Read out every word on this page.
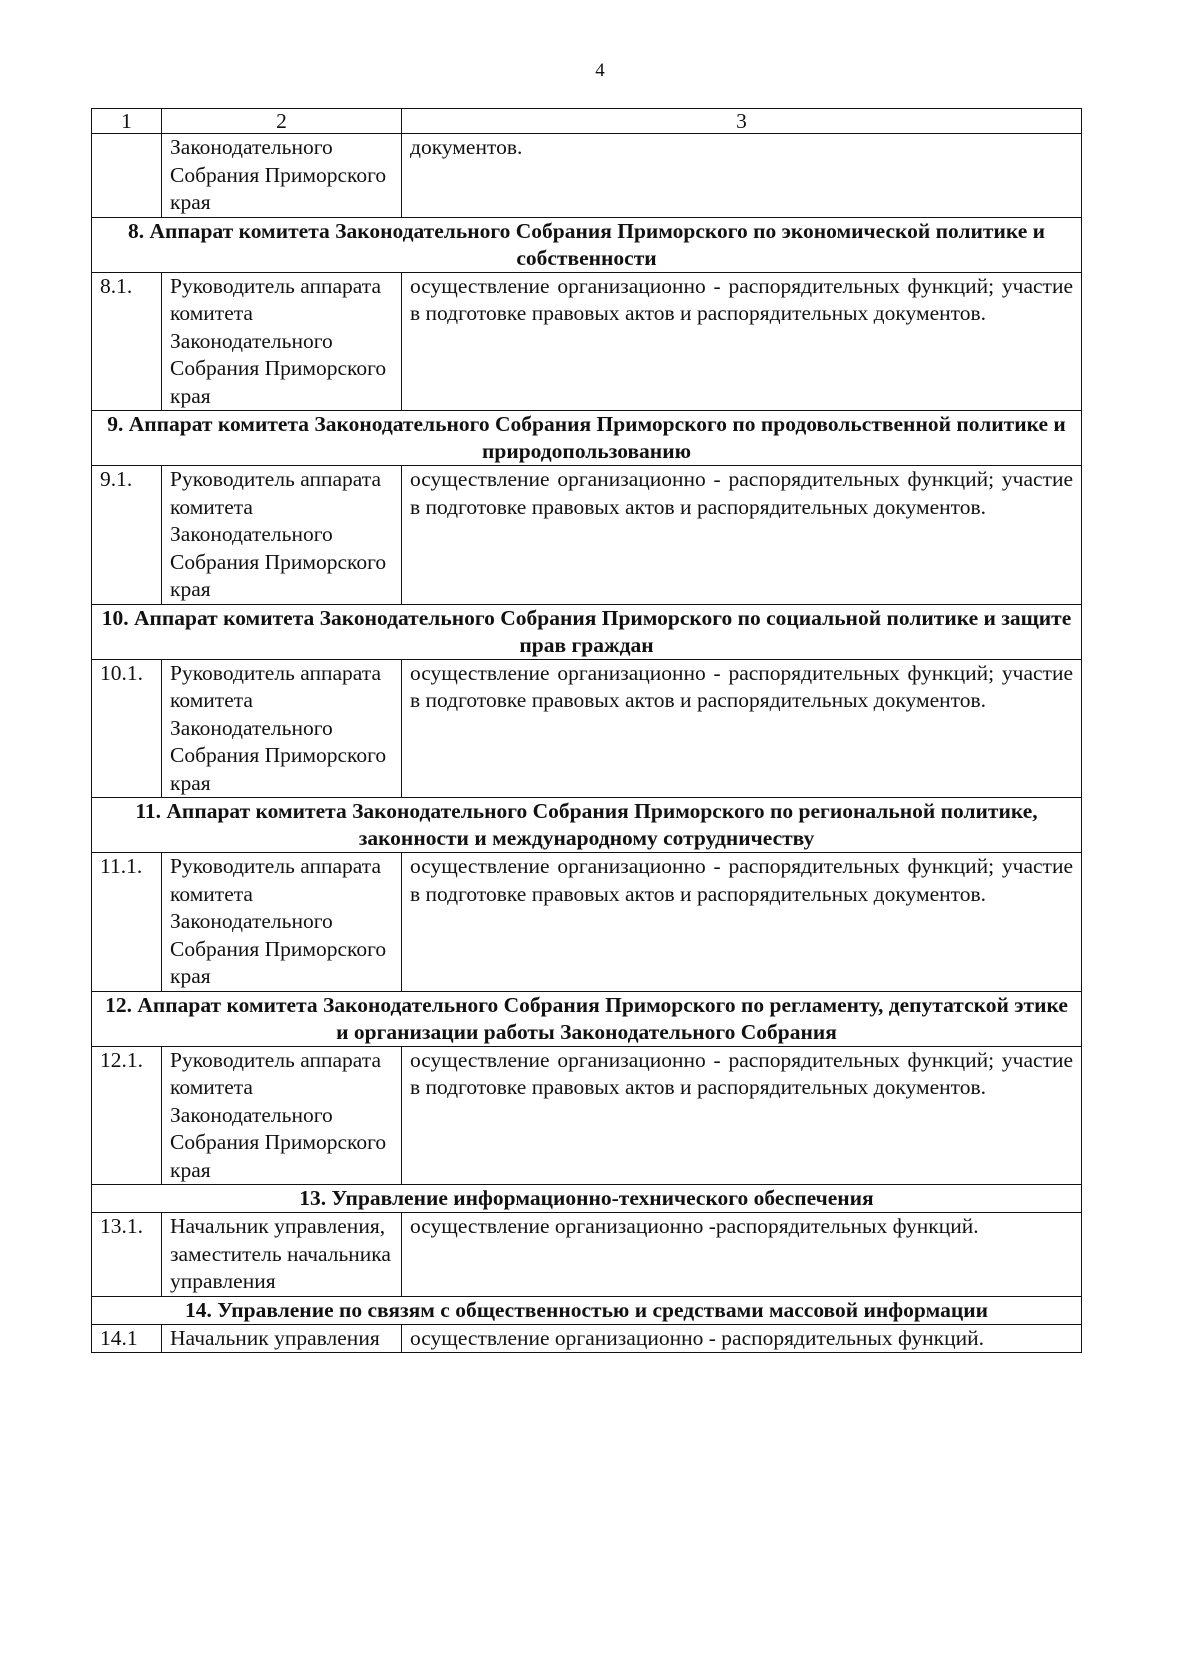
4
1	2	3
	Законодательного Собрания Приморского края	документов.
8. Аппарат комитета Законодательного Собрания Приморского по экономической политике и собственности		
8.1.	Руководитель аппарата комитета Законодательного Собрания Приморского края	осуществление организационно - распорядительных функций; участие в подготовке правовых актов и распорядительных документов.
9. Аппарат комитета Законодательного Собрания Приморского по продовольственной политике и природопользованию		
9.1.	Руководитель аппарата комитета Законодательного Собрания Приморского края	осуществление организационно - распорядительных функций; участие в подготовке правовых актов и распорядительных документов.
10. Аппарат комитета Законодательного Собрания Приморского по социальной политике и защите прав граждан		
10.1.	Руководитель аппарата комитета Законодательного Собрания Приморского края	осуществление организационно - распорядительных функций; участие в подготовке правовых актов и распорядительных документов.
11. Аппарат комитета Законодательного Собрания Приморского по региональной политике, законности и международному сотрудничеству		
11.1.	Руководитель аппарата комитета Законодательного Собрания Приморского края	осуществление организационно - распорядительных функций; участие в подготовке правовых актов и распорядительных документов.
12. Аппарат комитета Законодательного Собрания Приморского по регламенту, депутатской этике и организации работы Законодательного Собрания		
12.1.	Руководитель аппарата комитета Законодательного Собрания Приморского края	осуществление организационно - распорядительных функций; участие в подготовке правовых актов и распорядительных документов.
13. Управление информационно-технического обеспечения		
13.1.	Начальник управления, заместитель начальника управления	осуществление организационно -распорядительных функций.
14. Управление по связям с общественностью и средствами массовой информации		
14.1	Начальник управления	осуществление организационно - распорядительных функций.
